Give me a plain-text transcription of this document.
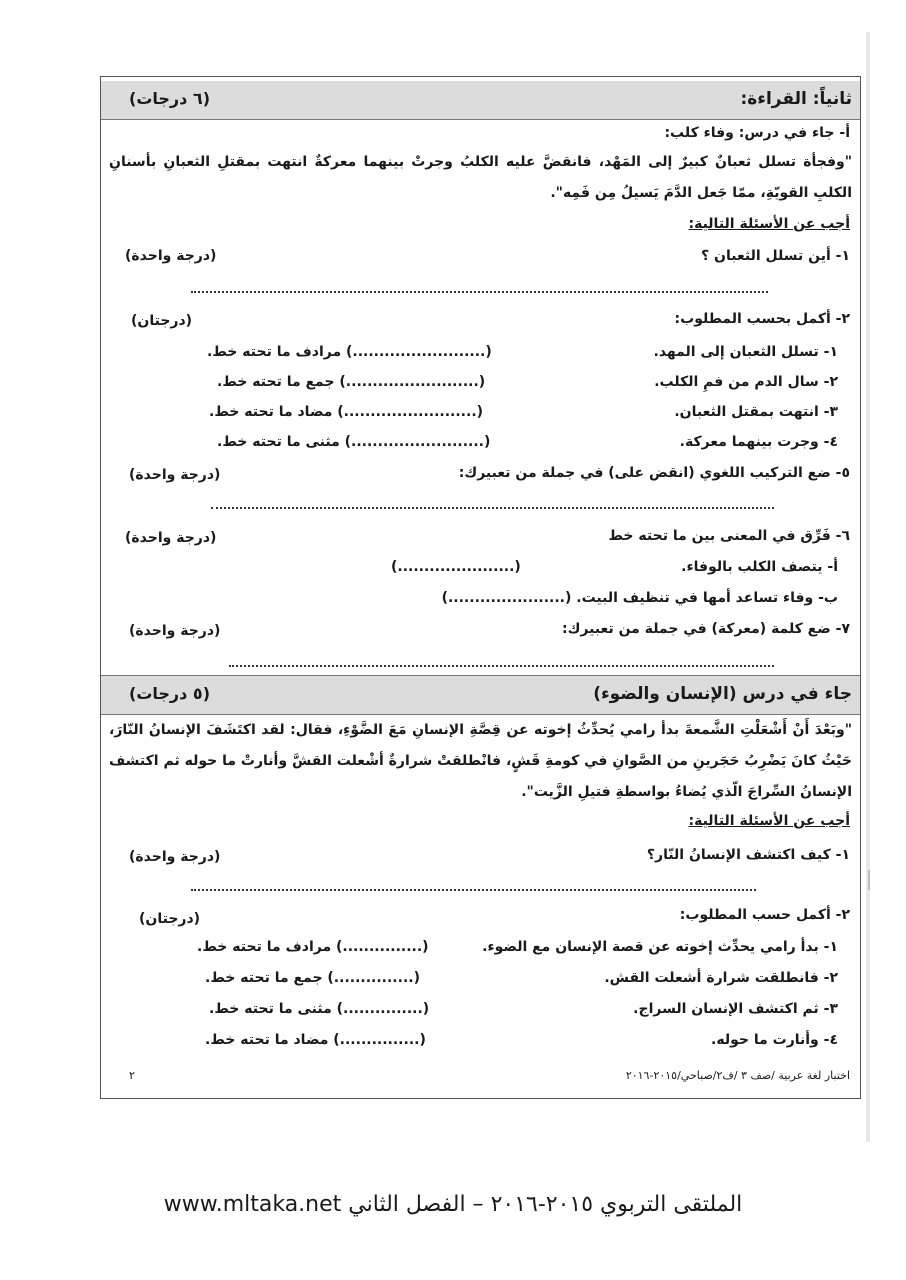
ثانياً: القراءة:
(٦ درجات)
أ- جاء في درس: وفاء كلب:
"وفجأة تسلل ثعبانٌ كبيرٌ إلى المَهْد، فانقضَّ عليه الكلبُ وجرتْ بينهما معركةٌ انتهت بمقتلِ الثعبانِ بأسنانِ الكلبِ القويّةِ، ممّا جَعل الدَّمَ يَسيلُ مِن فَمِه".
أجب عن الأسئلة التالية:
١- أين تسلل الثعبان ؟
(درجة واحدة)
٢- أكمل بحسب المطلوب:
(درجتان)
١- تسلل الثعبان إلى المهد.
(.........................) مرادف ما تحته خط.
٢- سال الدم من فمِ الكلب.
(.........................) جمع ما تحته خط.
٣- انتهت بمقتل الثعبان.
(.........................) مضاد ما تحته خط.
٤- وجرت بينهما معركة.
(.........................) مثنى ما تحته خط.
٥- ضع التركيب اللغوي (انقض على) في جملة من تعبيرك:
(درجة واحدة)
٦- فَرِّق في المعنى بين ما تحته خط
(درجة واحدة)
أ- يتصف الكلب بالوفاء.
(......................)
ب- وفاء تساعد أمها في تنظيف البيت. (......................)
٧- ضع كلمة (معركة) في جملة من تعبيرك:
(درجة واحدة)
جاء في درس (الإنسان والضوء)
(٥ درجات)
"وبَعْدَ أَنْ أَشْعَلْتِ الشَّمعةَ بدأ رامي يُحدِّثُ إخوته عن قِصَّةِ الإنسانِ مَعَ الضَّوْءِ، فقال: لقد اكتَشَفَ الإنسانُ النّارَ، حَيْثُ كانَ يَضْرِبُ حَجَرينِ من الصَّوانِ في كومةِ قَشٍ، فانْطلقتْ شرارةٌ أشْعلت القشَّ وأنارتْ ما حوله ثم اكتشف الإنسانُ السِّراجَ الّذي يُضاءُ بواسطةِ فتيلِ الزَّيت".
أجب عن الأسئلة التالية:
١- كيف اكتشف الإنسانُ النّار؟
(درجة واحدة)
٢- أكمل حسب المطلوب:
(درجتان)
١- بدأ رامي يحدِّث إخوته عن قصة الإنسان مع الضوء.
(...............) مرادف ما تحته خط.
٢- فانطلقت شرارة أشعلت القش.
(...............) جمع ما تحته خط.
٣- ثم اكتشف الإنسان السراج.
(...............) مثنى ما تحته خط.
٤- وأنارت ما حوله.
(...............) مضاد ما تحته خط.
اختبار لغة عربية /صف ٣ /ف٢/صباحي/٢٠١٥-٢٠١٦
٢
الملتقى التربوي ٢٠١٥-٢٠١٦ – الفصل الثاني www.mltaka.net
